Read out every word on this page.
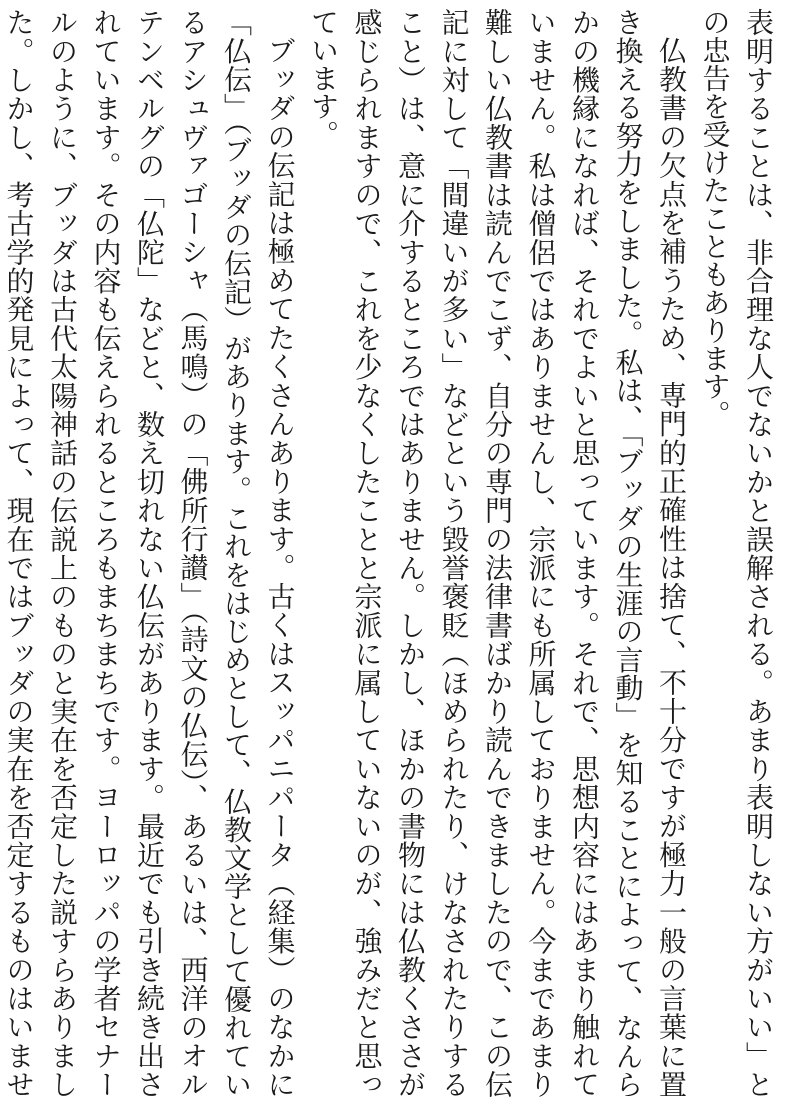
表明することは、非合理な人でないかと誤解される。あまり表明しない方がいい」との忠告を受けたこともあります。

仏教書の欠点を補うため、専門的正確性は捨て、不十分ですが極力一般の言葉に置き換える努力をしました。私は、「ブッダの生涯の言動」を知ることによって、なんらかの機縁になれば、それでよいと思っています。それで、思想内容にはあまり触れていません。私は僧侶ではありませんし、宗派にも所属しておりません。今まであまり難しい仏教書は読んでこず、自分の専門の法律書ばかり読んできましたので、この伝記に対して「間違いが多い」などという毀誉褒貶（ほめられたり、けなされたりすること）は、意に介するところではありません。しかし、ほかの書物には仏教くささが感じられますので、これを少なくしたことと宗派に属していないのが、強みだと思っています。

ブッダの伝記は極めてたくさんあります。古くはスッパニパータ（経集）のなかに「仏伝」（ブッダの伝記）があります。これをはじめとして、仏教文学として優れているアシュヴァゴーシャ（馬鳴）の「佛所行讃」（詩文の仏伝）、あるいは、西洋のオルテンベルグの「仏陀」などと、数え切れない仏伝があります。最近でも引き続き出されています。その内容も伝えられるところもまちまちです。ヨーロッパの学者セナールのように、ブッダは古代太陽神話の伝説上のものと実在を否定した説すらありました。しかし、考古学的発見によって、現在ではブッダの実在を否定するものはいませ
